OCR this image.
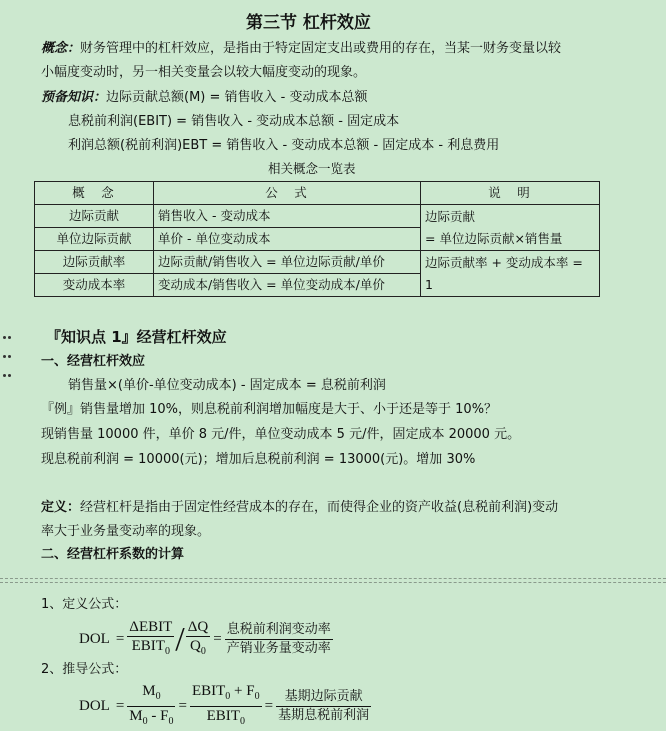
第三节 杠杆效应
概念：财务管理中的杠杆效应，是指由于特定固定支出或费用的存在，当某一财务变量以较
小幅度变动时，另一相关变量会以较大幅度变动的现象。
预备知识：边际贡献总额(M) = 销售收入 - 变动成本总额
息税前利润(EBIT) = 销售收入 - 变动成本总额 - 固定成本
利润总额(税前利润)EBT = 销售收入 - 变动成本总额 - 固定成本 - 利息费用
相关概念一览表
概　念	公　式	说　明
边际贡献	销售收入 - 变动成本	边际贡献
= 单位边际贡献×销售量

单位边际贡献	单价 - 单位变动成本	
边际贡献率	边际贡献/销售收入 = 单位边际贡献/单价	边际贡献率 + 变动成本率 =
1

变动成本率	变动成本/销售收入 = 单位变动成本/单价	

『知识点 1』经营杠杆效应
一、经营杠杆效应
销售量×(单价-单位变动成本) - 固定成本 = 息税前利润
『例』销售量增加 10%，则息税前利润增加幅度是大于、小于还是等于 10%？
现销售量 10000 件，单价 8 元/件，单位变动成本 5 元/件，固定成本 20000 元。
现息税前利润 = 10000(元)；增加后息税前利润 = 13000(元)。增加 30%
定义：经营杠杆是指由于固定性经营成本的存在，而使得企业的资产收益(息税前利润)变动
率大于业务量变动率的现象。
二、经营杠杆系数的计算
1、定义公式：
DOL = $\frac{\text{ΔEBIT}}{EBIT_0} / \frac{\Delta Q}{Q_0} = \frac{\text{息税前利润变动率}}{\text{产销业务量变动率}}$
2、推导公式：
DOL = $\frac{M_0}{M_0 - F_0} = \frac{EBIT_0 + F_0}{EBIT_0} = \frac{\text{基期边际贡献}}{\text{基期息税前利润}}$
